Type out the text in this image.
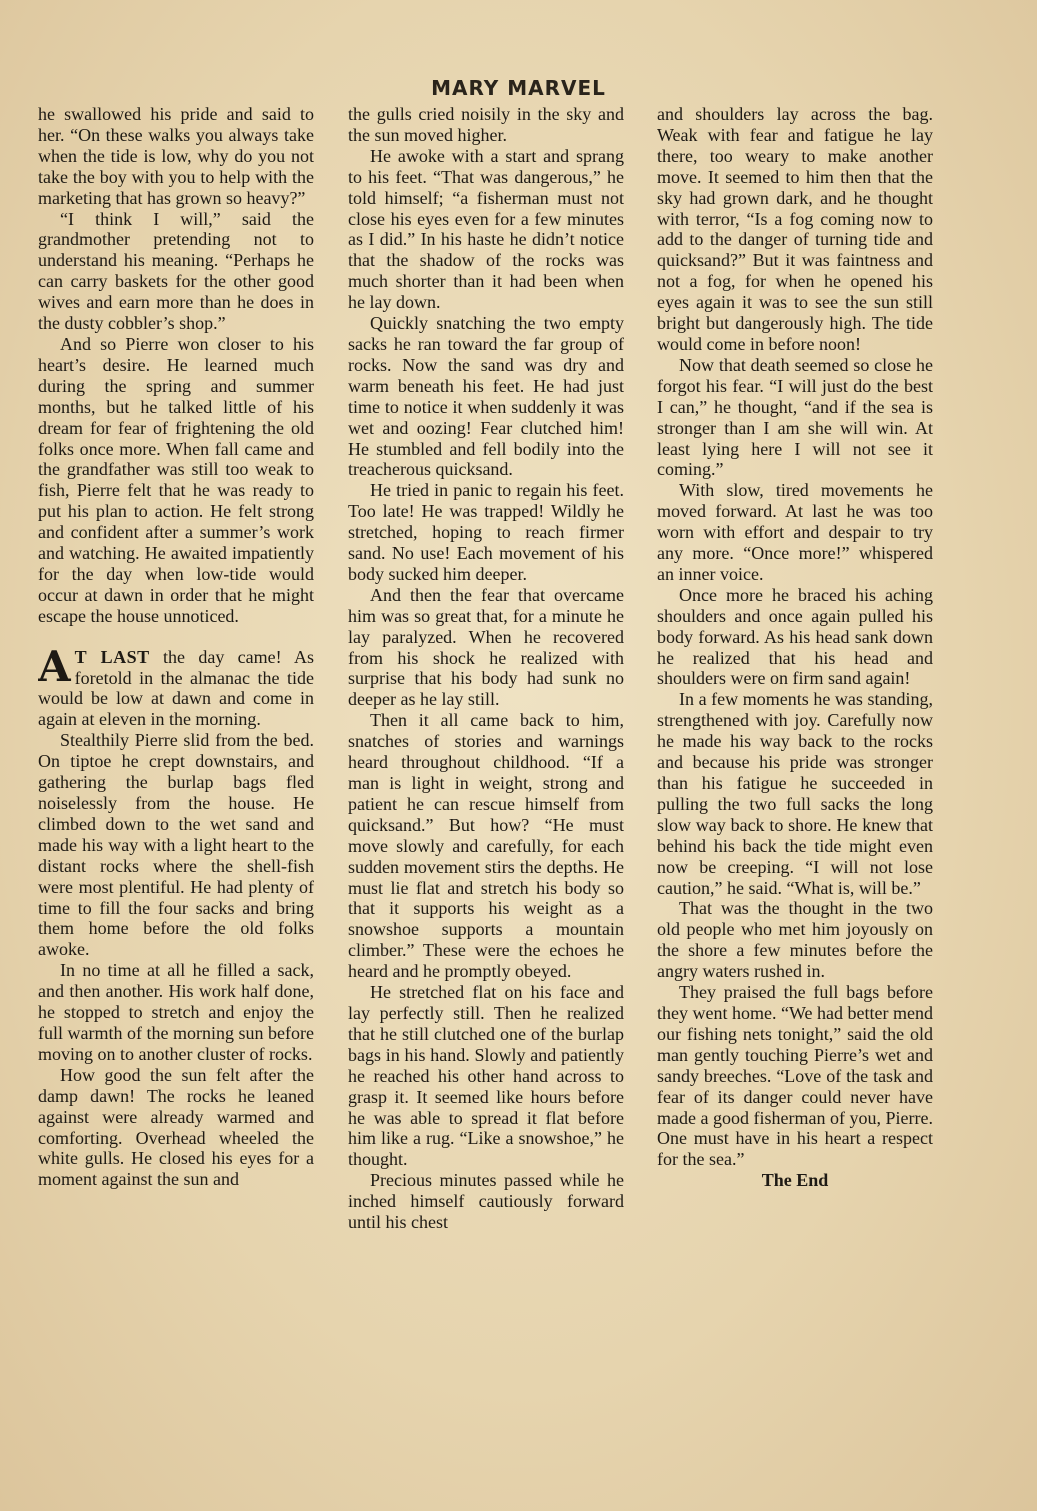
MARY MARVEL

he swallowed his pride and said to her. “On these walks you always take when the tide is low, why do you not take the boy with you to help with the marketing that has grown so heavy?”

“I think I will,” said the grandmother pretending not to understand his meaning. “Perhaps he can carry baskets for the other good wives and earn more than he does in the dusty cobbler’s shop.”

And so Pierre won closer to his heart’s desire. He learned much during the spring and summer months, but he talked little of his dream for fear of frightening the old folks once more. When fall came and the grandfather was still too weak to fish, Pierre felt that he was ready to put his plan to action. He felt strong and confident after a summer’s work and watching. He awaited impatiently for the day when low-tide would occur at dawn in order that he might escape the house unnoticed.

A T LAST the day came! As foretold in the almanac the tide would be low at dawn and come in again at eleven in the morning.

Stealthily Pierre slid from the bed. On tiptoe he crept downstairs, and gathering the burlap bags fled noiselessly from the house. He climbed down to the wet sand and made his way with a light heart to the distant rocks where the shell-fish were most plentiful. He had plenty of time to fill the four sacks and bring them home before the old folks awoke.

In no time at all he filled a sack, and then another. His work half done, he stopped to stretch and enjoy the full warmth of the morning sun before moving on to another cluster of rocks.

How good the sun felt after the damp dawn! The rocks he leaned against were already warmed and comforting. Overhead wheeled the white gulls. He closed his eyes for a moment against the sun and

the gulls cried noisily in the sky and the sun moved higher.

He awoke with a start and sprang to his feet. “That was dangerous,” he told himself; “a fisherman must not close his eyes even for a few minutes as I did.” In his haste he didn’t notice that the shadow of the rocks was much shorter than it had been when he lay down.

Quickly snatching the two empty sacks he ran toward the far group of rocks. Now the sand was dry and warm beneath his feet. He had just time to notice it when suddenly it was wet and oozing! Fear clutched him! He stumbled and fell bodily into the treacherous quicksand.

He tried in panic to regain his feet. Too late! He was trapped! Wildly he stretched, hoping to reach firmer sand. No use! Each movement of his body sucked him deeper.

And then the fear that overcame him was so great that, for a minute he lay paralyzed. When he recovered from his shock he realized with surprise that his body had sunk no deeper as he lay still.

Then it all came back to him, snatches of stories and warnings heard throughout childhood. “If a man is light in weight, strong and patient he can rescue himself from quicksand.” But how? “He must move slowly and carefully, for each sudden movement stirs the depths. He must lie flat and stretch his body so that it supports his weight as a snowshoe supports a mountain climber.” These were the echoes he heard and he promptly obeyed.

He stretched flat on his face and lay perfectly still. Then he realized that he still clutched one of the burlap bags in his hand. Slowly and patiently he reached his other hand across to grasp it. It seemed like hours before he was able to spread it flat before him like a rug. “Like a snowshoe,” he thought.

Precious minutes passed while he inched himself cautiously forward until his chest

and shoulders lay across the bag. Weak with fear and fatigue he lay there, too weary to make another move. It seemed to him then that the sky had grown dark, and he thought with terror, “Is a fog coming now to add to the danger of turning tide and quicksand?” But it was faintness and not a fog, for when he opened his eyes again it was to see the sun still bright but dangerously high. The tide would come in before noon!

Now that death seemed so close he forgot his fear. “I will just do the best I can,” he thought, “and if the sea is stronger than I am she will win. At least lying here I will not see it coming.”

With slow, tired movements he moved forward. At last he was too worn with effort and despair to try any more. “Once more!” whispered an inner voice.

Once more he braced his aching shoulders and once again pulled his body forward. As his head sank down he realized that his head and shoulders were on firm sand again!

In a few moments he was standing, strengthened with joy. Carefully now he made his way back to the rocks and because his pride was stronger than his fatigue he succeeded in pulling the two full sacks the long slow way back to shore. He knew that behind his back the tide might even now be creeping. “I will not lose caution,” he said. “What is, will be.”

That was the thought in the two old people who met him joyously on the shore a few minutes before the angry waters rushed in.

They praised the full bags before they went home. “We had better mend our fishing nets tonight,” said the old man gently touching Pierre’s wet and sandy breeches. “Love of the task and fear of its danger could never have made a good fisherman of you, Pierre. One must have in his heart a respect for the sea.”

The End
